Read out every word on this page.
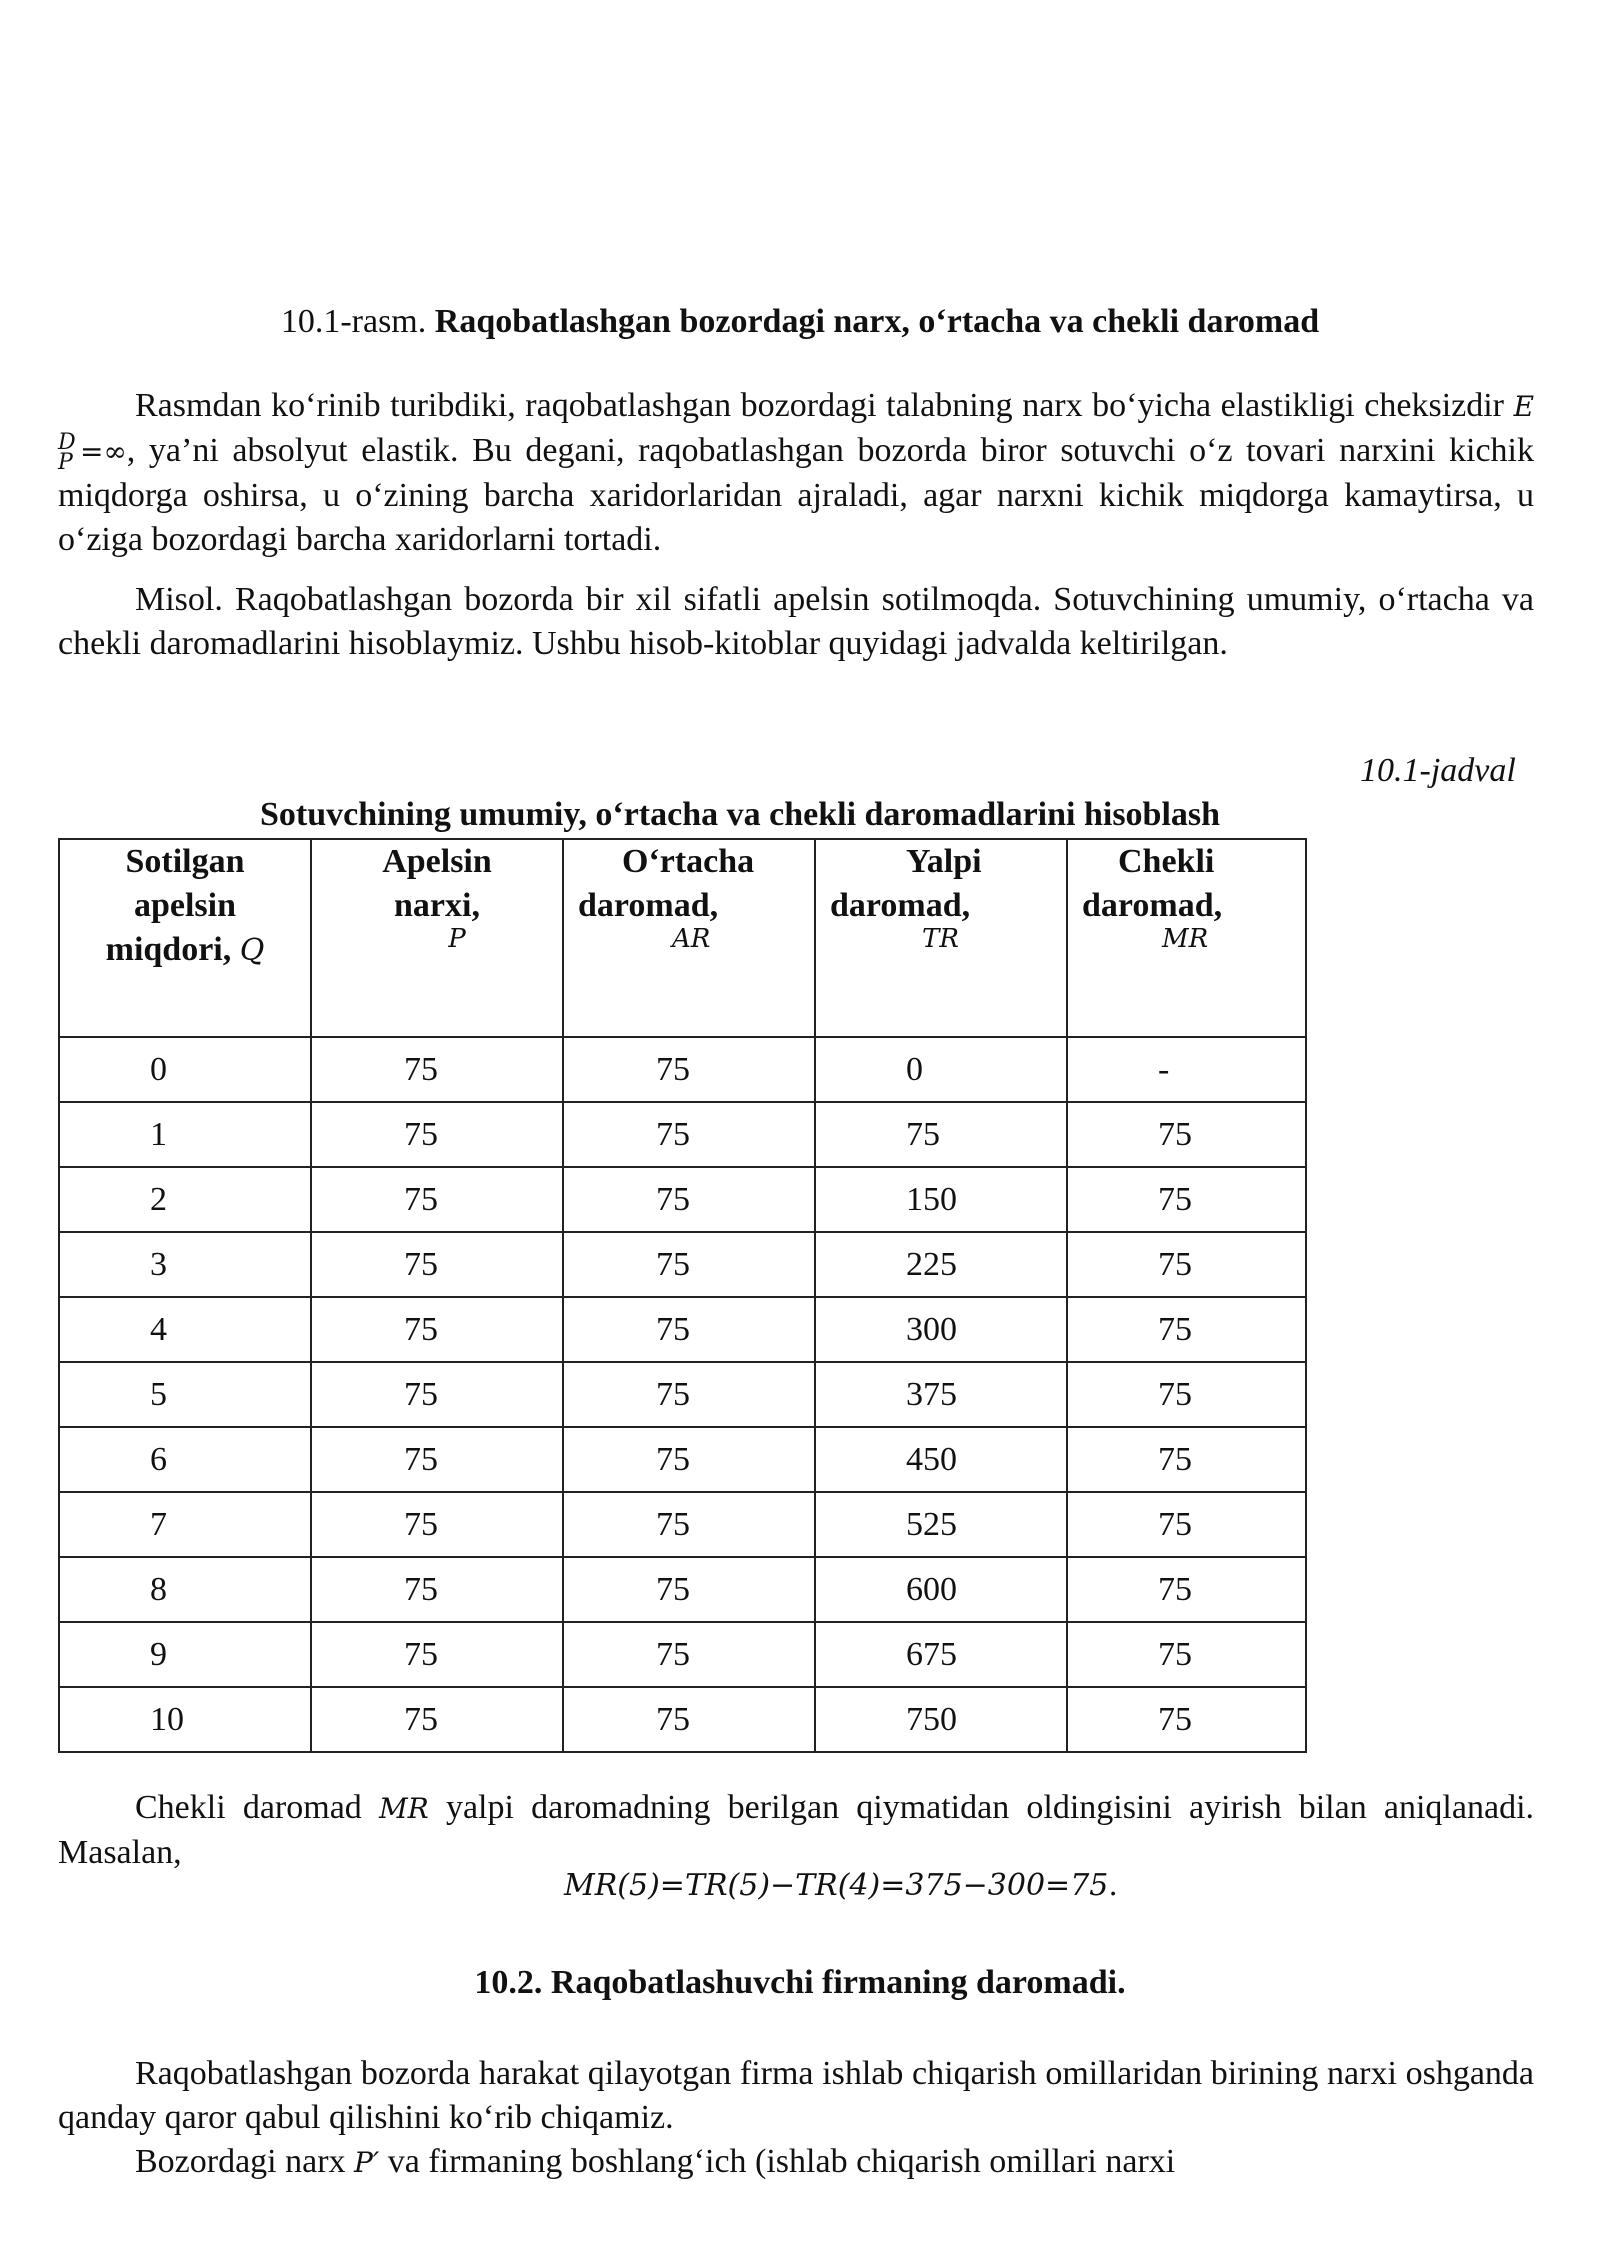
10.1-rasm. Raqobatlashgan bozordagi narx, o‘rtacha va chekli daromad
Rasmdan ko‘rinib turibdiki, raqobatlashgan bozordagi talabning narx bo‘yicha elastikligi cheksizdir E
D
P =∞, ya’ni absolyut elastik. Bu degani, raqobatlashgan bozorda biror sotuvchi o‘z tovari narxini kichik miqdorga oshirsa, u o‘zining barcha xaridorlaridan ajraladi, agar narxni kichik miqdorga kamaytirsa, u o‘ziga bozordagi barcha xaridorlarni tortadi.
Misol. Raqobatlashgan bozorda bir xil sifatli apelsin sotilmoqda. Sotuvchining umumiy, o‘rtacha va chekli daromadlarini hisoblaymiz. Ushbu hisob-kitoblar quyidagi jadvalda keltirilgan.
10.1-jadval
Sotuvchining umumiy, o‘rtacha va chekli daromadlarini hisoblash
Sotilgan
apelsin
miqdori, Q	Apelsin
narxi,
P	O‘rtacha
daromad,
AR	Yalpi
daromad,
TR	Chekli
daromad,
MR

0	75	75	0	-
1	75	75	75	75
2	75	75	150	75
3	75	75	225	75
4	75	75	300	75
5	75	75	375	75
6	75	75	450	75
7	75	75	525	75
8	75	75	600	75
9	75	75	675	75
10	75	75	750	75
Chekli daromad MR yalpi daromadning berilgan qiymatidan oldingisini ayirish bilan aniqlanadi. Masalan,
MR(5)=TR(5)−TR(4)=375−300=75.
10.2. Raqobatlashuvchi firmaning daromadi.
Raqobatlashgan bozorda harakat qilayotgan firma ishlab chiqarish omillaridan birining narxi oshganda qanday qaror qabul qilishini ko‘rib chiqamiz.
Bozordagi narx P′ va firmaning boshlang‘ich (ishlab chiqarish omillari narxi
